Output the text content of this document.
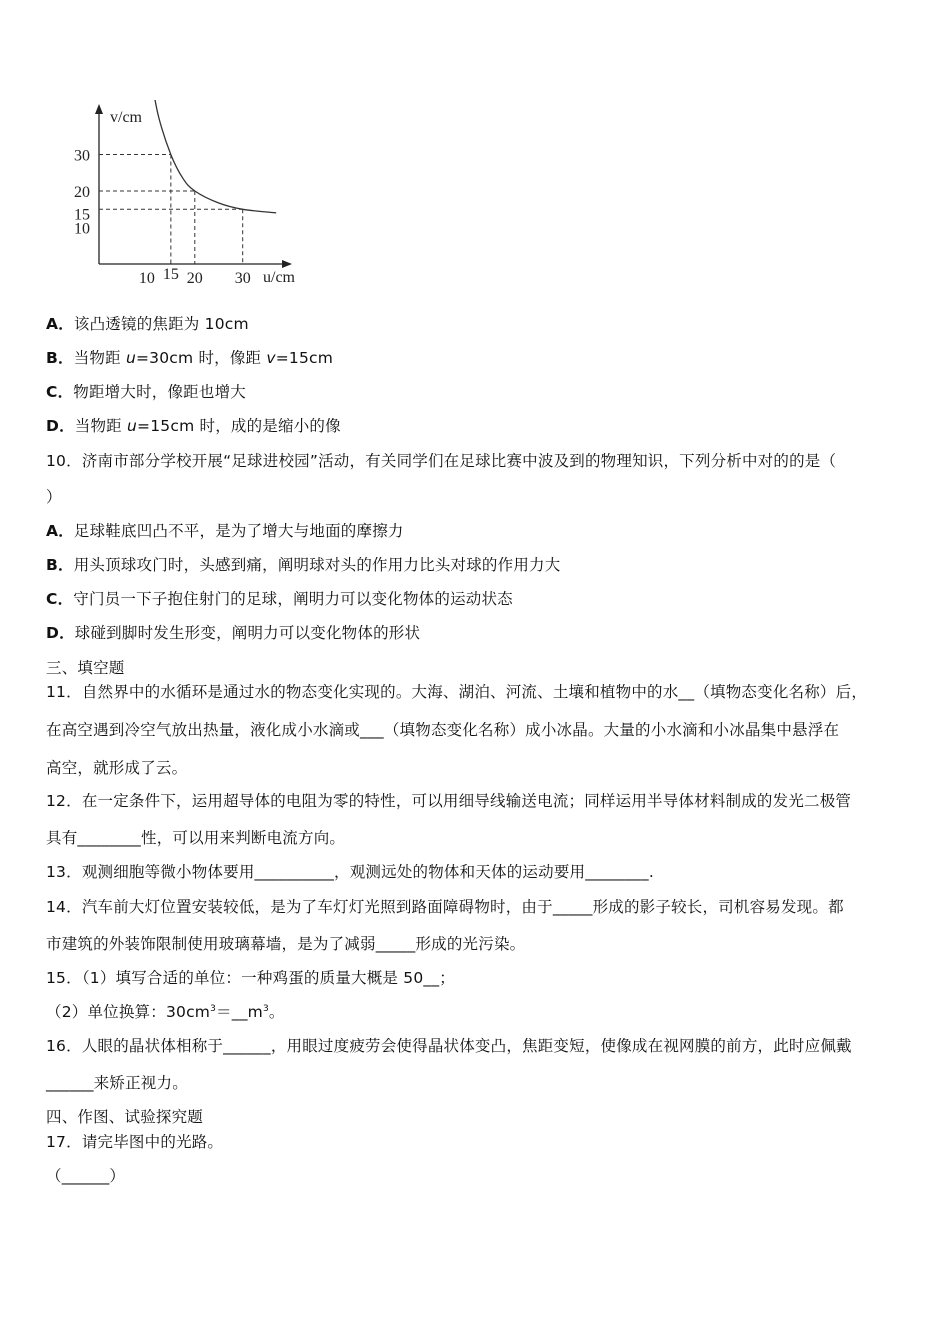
30
20
15
10
10 15 20 30
v/cm
u/cm
A．该凸透镜的焦距为 10cm
B．当物距 u=30cm 时，像距 v=15cm
C．物距增大时，像距也增大
D．当物距 u=15cm 时，成的是缩小的像
10．济南市部分学校开展“足球进校园”活动，有关同学们在足球比赛中波及到的物理知识，下列分析中对的的是（
）
A．足球鞋底凹凸不平，是为了增大与地面的摩擦力
B．用头顶球攻门时，头感到痛，阐明球对头的作用力比头对球的作用力大
C．守门员一下子抱住射门的足球，阐明力可以变化物体的运动状态
D．球碰到脚时发生形变，阐明力可以变化物体的形状
三、填空题
11．自然界中的水循环是通过水的物态变化实现的。大海、湖泊、河流、土壤和植物中的水__（填物态变化名称）后，
在高空遇到冷空气放出热量，液化成小水滴或___（填物态变化名称）成小冰晶。大量的小水滴和小冰晶集中悬浮在
高空，就形成了云。
12．在一定条件下，运用超导体的电阻为零的特性，可以用细导线输送电流；同样运用半导体材料制成的发光二极管
具有________性，可以用来判断电流方向。
13．观测细胞等微小物体要用__________，观测远处的物体和天体的运动要用________.
14．汽车前大灯位置安装较低，是为了车灯灯光照到路面障碍物时，由于_____形成的影子较长，司机容易发现。都
市建筑的外装饰限制使用玻璃幕墙，是为了减弱_____形成的光污染。
15．（1）填写合适的单位：一种鸡蛋的质量大概是 50__；
（2）单位换算：$30cm^3=\_\_m^3$。
16．人眼的晶状体相称于______，用眼过度疲劳会使得晶状体变凸，焦距变短，使像成在视网膜的前方，此时应佩戴
______来矫正视力。
四、作图、试验探究题
17．请完毕图中的光路。
（______）
